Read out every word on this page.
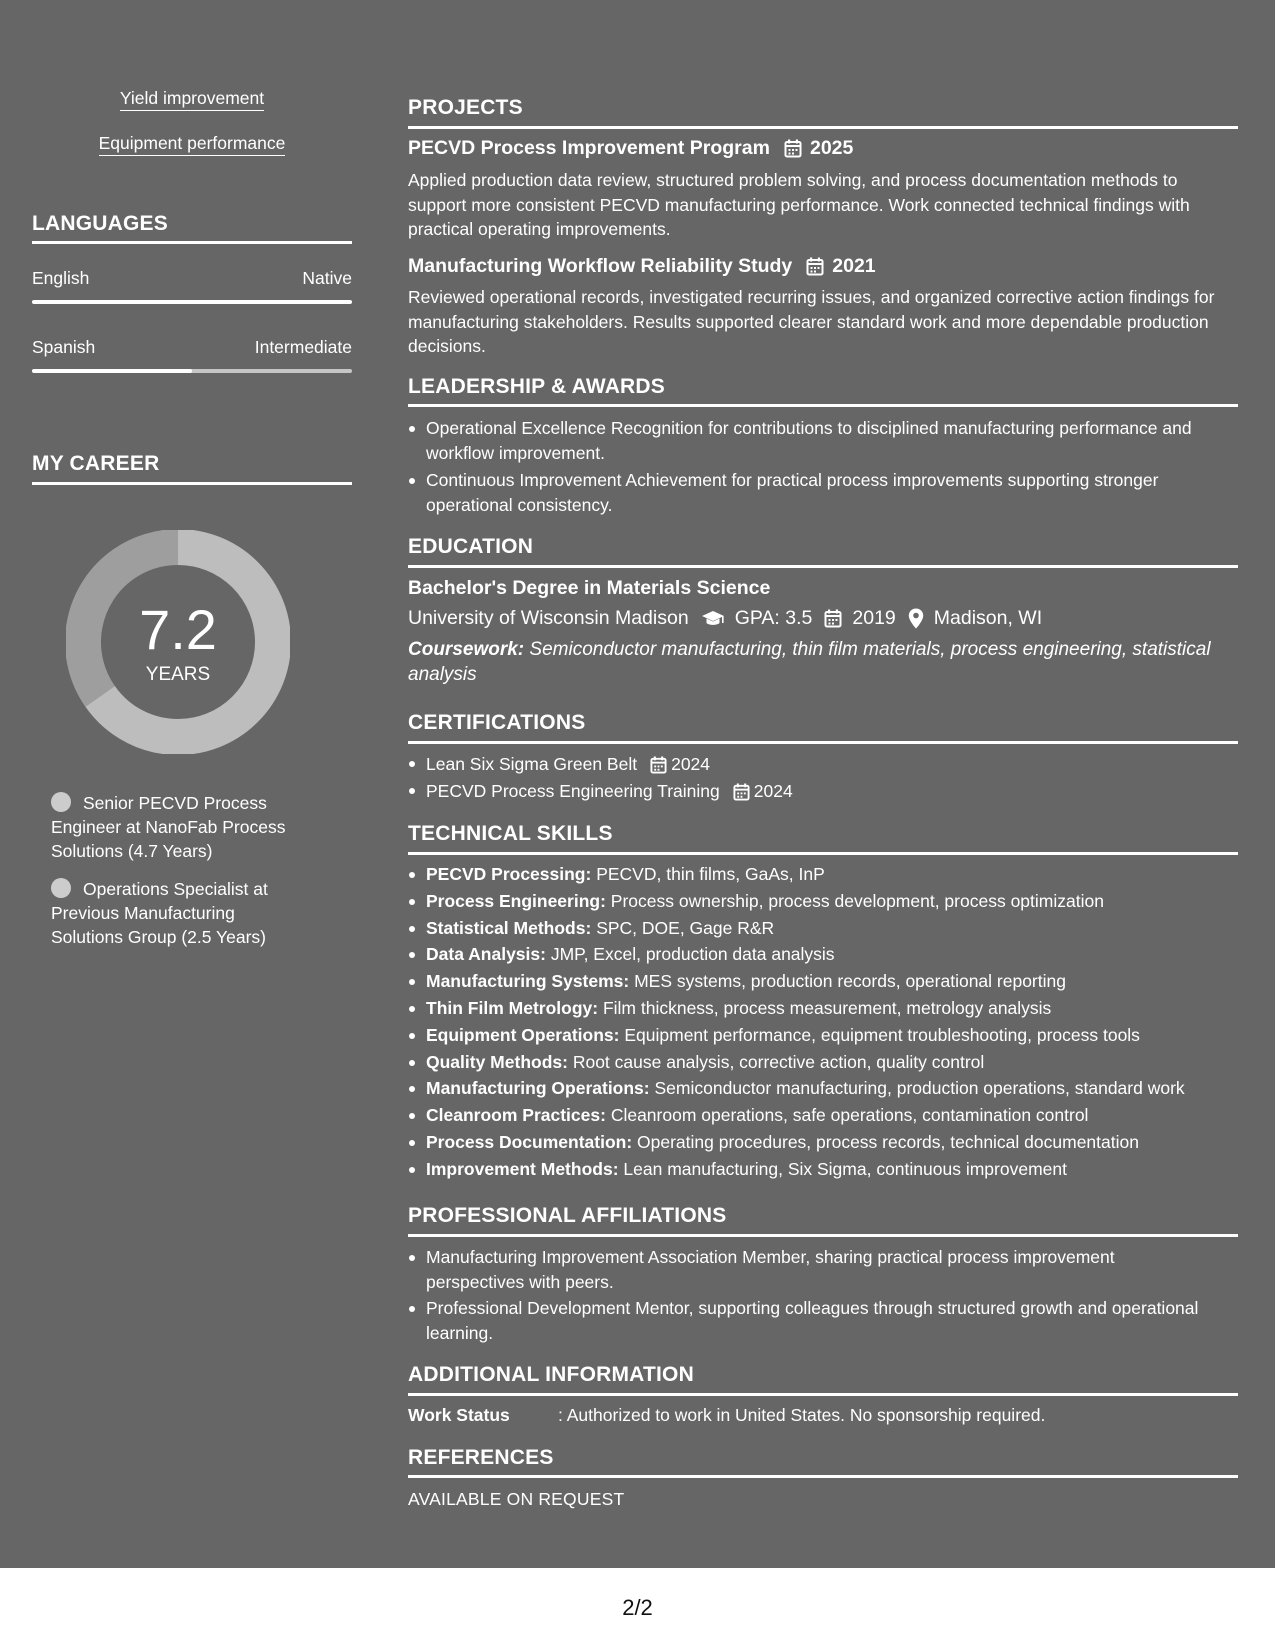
Yield improvement
Equipment performance
LANGUAGES
English	Native
Spanish	Intermediate
MY CAREER
7.2
YEARS
Senior PECVD Process Engineer at NanoFab Process Solutions (4.7 Years)
Operations Specialist at Previous Manufacturing Solutions Group (2.5 Years)
PROJECTS
PECVD Process Improvement Program 2025
Applied production data review, structured problem solving, and process documentation methods to support more consistent PECVD manufacturing performance. Work connected technical findings with practical operating improvements.
Manufacturing Workflow Reliability Study 2021
Reviewed operational records, investigated recurring issues, and organized corrective action findings for manufacturing stakeholders. Results supported clearer standard work and more dependable production decisions.
LEADERSHIP & AWARDS
Operational Excellence Recognition for contributions to disciplined manufacturing performance and workflow improvement.
Continuous Improvement Achievement for practical process improvements supporting stronger operational consistency.
EDUCATION
Bachelor's Degree in Materials Science
University of Wisconsin Madison GPA: 3.5 2019 Madison, WI
Coursework: Semiconductor manufacturing, thin film materials, process engineering, statistical analysis
CERTIFICATIONS
Lean Six Sigma Green Belt 2024
PECVD Process Engineering Training 2024
TECHNICAL SKILLS
PECVD Processing: PECVD, thin films, GaAs, InP
Process Engineering: Process ownership, process development, process optimization
Statistical Methods: SPC, DOE, Gage R&R
Data Analysis: JMP, Excel, production data analysis
Manufacturing Systems: MES systems, production records, operational reporting
Thin Film Metrology: Film thickness, process measurement, metrology analysis
Equipment Operations: Equipment performance, equipment troubleshooting, process tools
Quality Methods: Root cause analysis, corrective action, quality control
Manufacturing Operations: Semiconductor manufacturing, production operations, standard work
Cleanroom Practices: Cleanroom operations, safe operations, contamination control
Process Documentation: Operating procedures, process records, technical documentation
Improvement Methods: Lean manufacturing, Six Sigma, continuous improvement
PROFESSIONAL AFFILIATIONS
Manufacturing Improvement Association Member, sharing practical process improvement perspectives with peers.
Professional Development Mentor, supporting colleagues through structured growth and operational learning.
ADDITIONAL INFORMATION
Work Status	: Authorized to work in United States. No sponsorship required.
REFERENCES
AVAILABLE ON REQUEST
2/2
